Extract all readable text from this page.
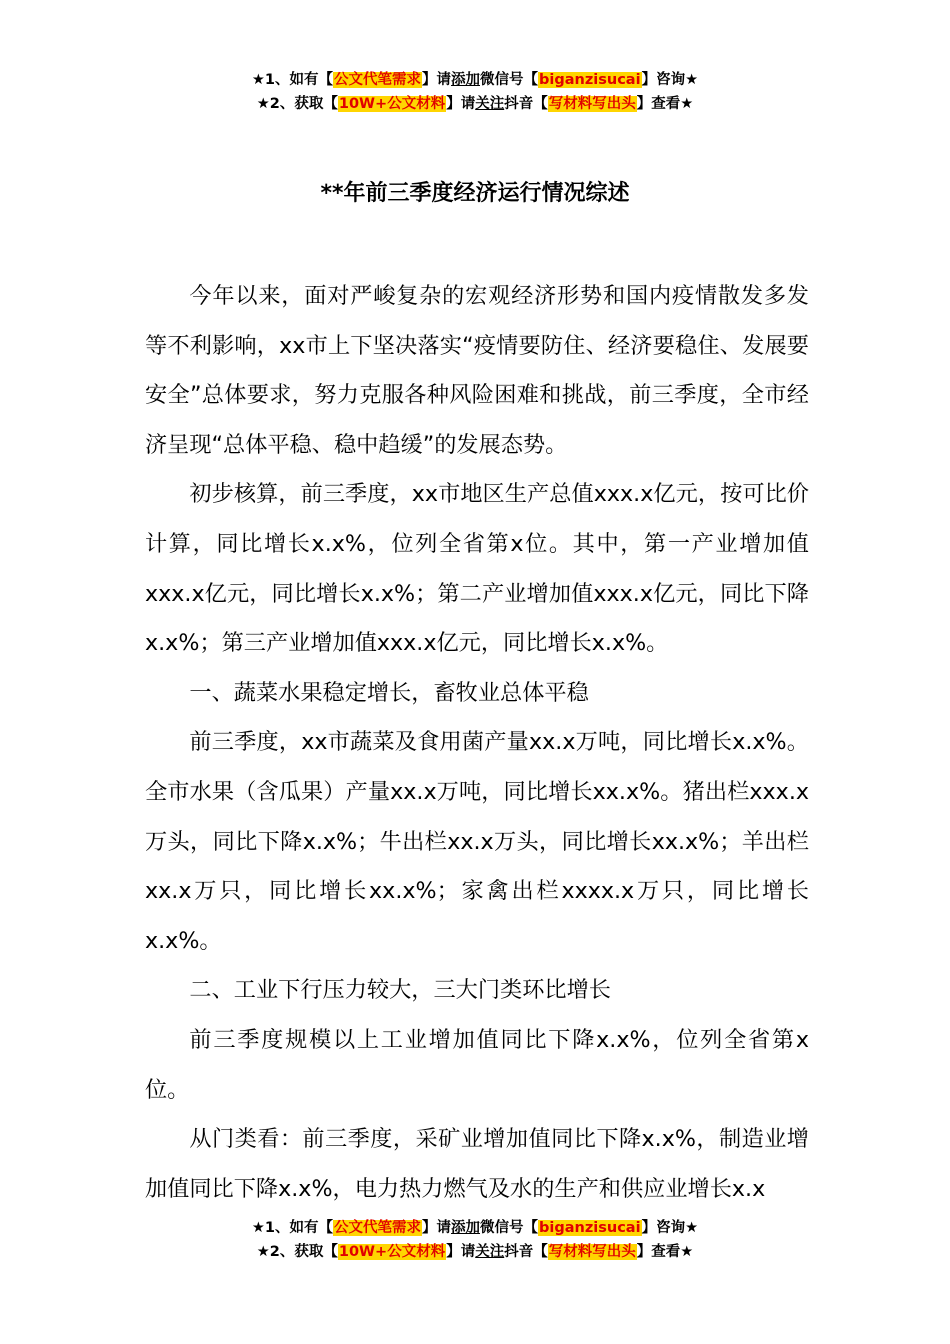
★1、如有【公文代笔需求】请添加微信号【biganzisucai】咨询★
★2、获取【10W+公文材料】请关注抖音【写材料写出头】查看★
**年前三季度经济运行情况综述

今年以来，面对严峻复杂的宏观经济形势和国内疫情散发多发等不利影响，xx市上下坚决落实“疫情要防住、经济要稳住、发展要安全”总体要求，努力克服各种风险困难和挑战，前三季度，全市经济呈现“总体平稳、稳中趋缓”的发展态势。

初步核算，前三季度，xx市地区生产总值xxx.x亿元，按可比价计算，同比增长x.x%，位列全省第x位。其中，第一产业增加值xxx.x亿元，同比增长x.x%；第二产业增加值xxx.x亿元，同比下降x.x%；第三产业增加值xxx.x亿元，同比增长x.x%。

一、蔬菜水果稳定增长，畜牧业总体平稳

前三季度，xx市蔬菜及食用菌产量xx.x万吨，同比增长x.x%。全市水果（含瓜果）产量xx.x万吨，同比增长xx.x%。猪出栏xxx.x万头，同比下降x.x%；牛出栏xx.x万头，同比增长xx.x%；羊出栏xx.x万只，同比增长xx.x%；家禽出栏xxxx.x万只，同比增长x.x%。

二、工业下行压力较大，三大门类环比增长

前三季度规模以上工业增加值同比下降x.x%，位列全省第x位。

从门类看：前三季度，采矿业增加值同比下降x.x%，制造业增加值同比下降x.x%，电力热力燃气及水的生产和供应业增长x.x

★1、如有【公文代笔需求】请添加微信号【biganzisucai】咨询★
★2、获取【10W+公文材料】请关注抖音【写材料写出头】查看★
